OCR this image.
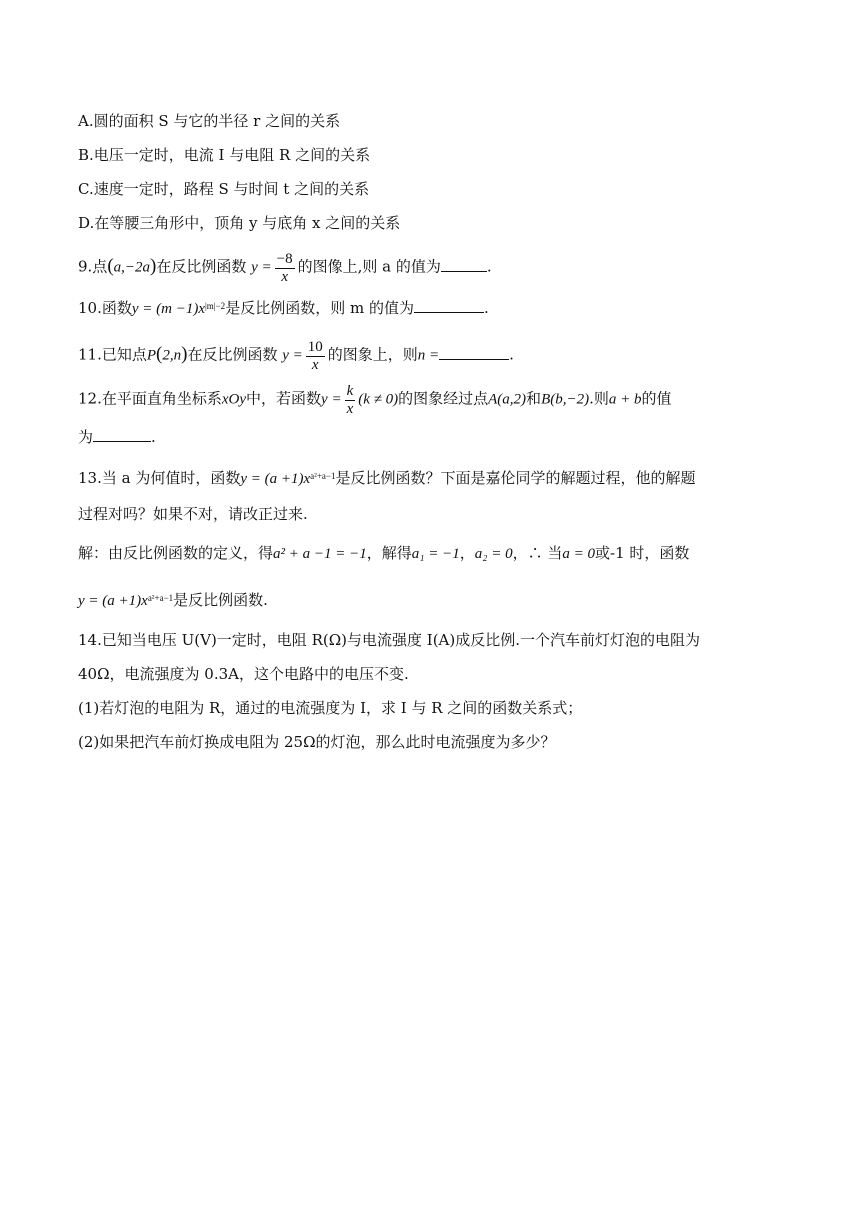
A.圆的面积 S 与它的半径 r 之间的关系
B.电压一定时，电流 I 与电阻 R 之间的关系
C.速度一定时，路程 S 与时间 t 之间的关系
D.在等腰三角形中，顶角 y 与底角 x 之间的关系
9.点(a,−2a)在反比例函数 $y = \frac{-8}{x}$ 的图像上,则 a 的值为	.
10.函数$y = (m -1)x^{|m|-2}$是反比例函数，则 m 的值为	.
11.已知点P(2,n)在反比例函数 $y = \frac{10}{x}$ 的图象上，则n =	.
12.在平面直角坐标系xOy中，若函数$y = \frac{k}{x} (k \ne 0)$的图象经过点A(a,2)和B(b,−2).则a + b的值
为	.
13.当 a 为何值时，函数$y = (a +1)x^{a^2+a-1}$是反比例函数？下面是嘉伦同学的解题过程，他的解题
过程对吗？如果不对，请改正过来.
解：由反比例函数的定义，得a² + a −1 = −1，解得a₁ = −1，a₂ = 0，∴ 当a = 0或-1 时，函数
$y = (a +1)x^{a^2+a-1}$是反比例函数.
14.已知当电压 U(V)一定时，电阻 R(Ω)与电流强度 I(A)成反比例.一个汽车前灯灯泡的电阻为
40Ω，电流强度为 0.3A，这个电路中的电压不变.
(1)若灯泡的电阻为 R，通过的电流强度为 I，求 I 与 R 之间的函数关系式；
(2)如果把汽车前灯换成电阻为 25Ω的灯泡，那么此时电流强度为多少？
